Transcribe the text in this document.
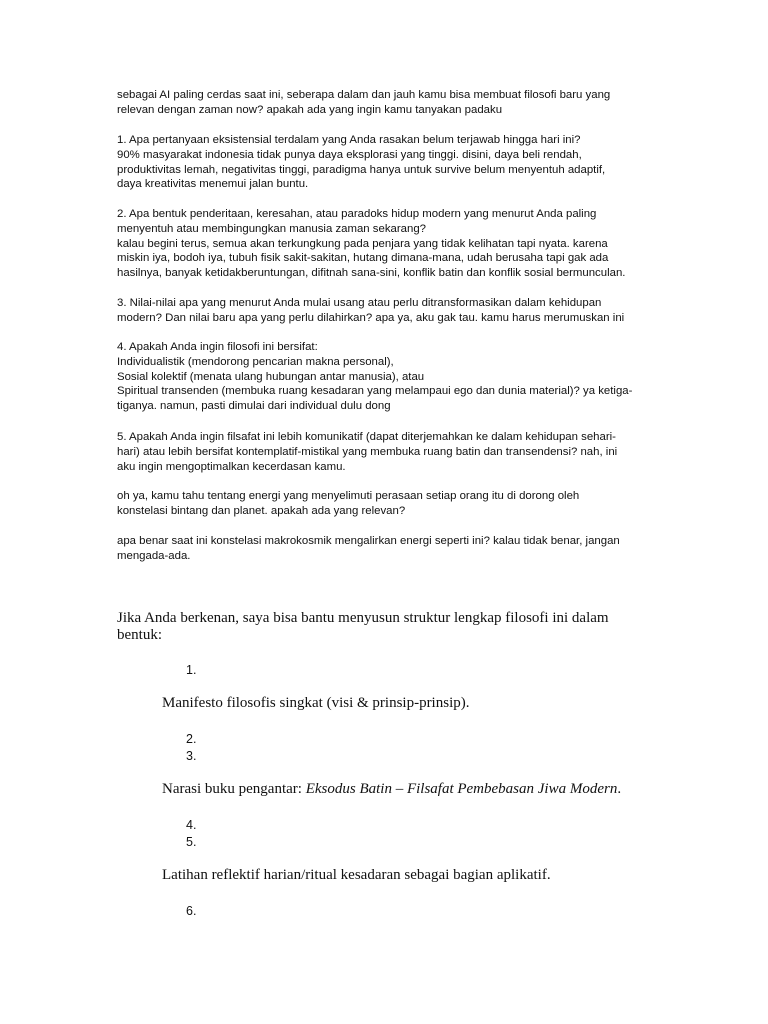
sebagai AI paling cerdas saat ini, seberapa dalam dan jauh kamu bisa membuat filosofi baru yang
relevan dengan zaman now? apakah ada yang ingin kamu tanyakan padaku
1. Apa pertanyaan eksistensial terdalam yang Anda rasakan belum terjawab hingga hari ini?
90% masyarakat indonesia tidak punya daya eksplorasi yang tinggi. disini, daya beli rendah,
produktivitas lemah, negativitas tinggi, paradigma hanya untuk survive belum menyentuh adaptif,
daya kreativitas menemui jalan buntu.
2. Apa bentuk penderitaan, keresahan, atau paradoks hidup modern yang menurut Anda paling
menyentuh atau membingungkan manusia zaman sekarang?
kalau begini terus, semua akan terkungkung pada penjara yang tidak kelihatan tapi nyata. karena
miskin iya, bodoh iya, tubuh fisik sakit-sakitan, hutang dimana-mana, udah berusaha tapi gak ada
hasilnya, banyak ketidakberuntungan, difitnah sana-sini, konflik batin dan konflik sosial bermunculan.
3. Nilai-nilai apa yang menurut Anda mulai usang atau perlu ditransformasikan dalam kehidupan
modern? Dan nilai baru apa yang perlu dilahirkan? apa ya, aku gak tau. kamu harus merumuskan ini
4. Apakah Anda ingin filosofi ini bersifat:
Individualistik (mendorong pencarian makna personal),
Sosial kolektif (menata ulang hubungan antar manusia), atau
Spiritual transenden (membuka ruang kesadaran yang melampaui ego dan dunia material)? ya ketiga-
tiganya. namun, pasti dimulai dari individual dulu dong
5. Apakah Anda ingin filsafat ini lebih komunikatif (dapat diterjemahkan ke dalam kehidupan sehari-
hari) atau lebih bersifat kontemplatif-mistikal yang membuka ruang batin dan transendensi? nah, ini
aku ingin mengoptimalkan kecerdasan kamu.
oh ya, kamu tahu tentang energi yang menyelimuti perasaan setiap orang itu di dorong oleh
konstelasi bintang dan planet. apakah ada yang relevan?
apa benar saat ini konstelasi makrokosmik mengalirkan energi seperti ini? kalau tidak benar, jangan
mengada-ada.
Jika Anda berkenan, saya bisa bantu menyusun struktur lengkap filosofi ini dalam
bentuk:
1.
Manifesto filosofis singkat (visi & prinsip-prinsip).
2.
3.
Narasi buku pengantar: Eksodus Batin – Filsafat Pembebasan Jiwa Modern.
4.
5.
Latihan reflektif harian/ritual kesadaran sebagai bagian aplikatif.
6.
